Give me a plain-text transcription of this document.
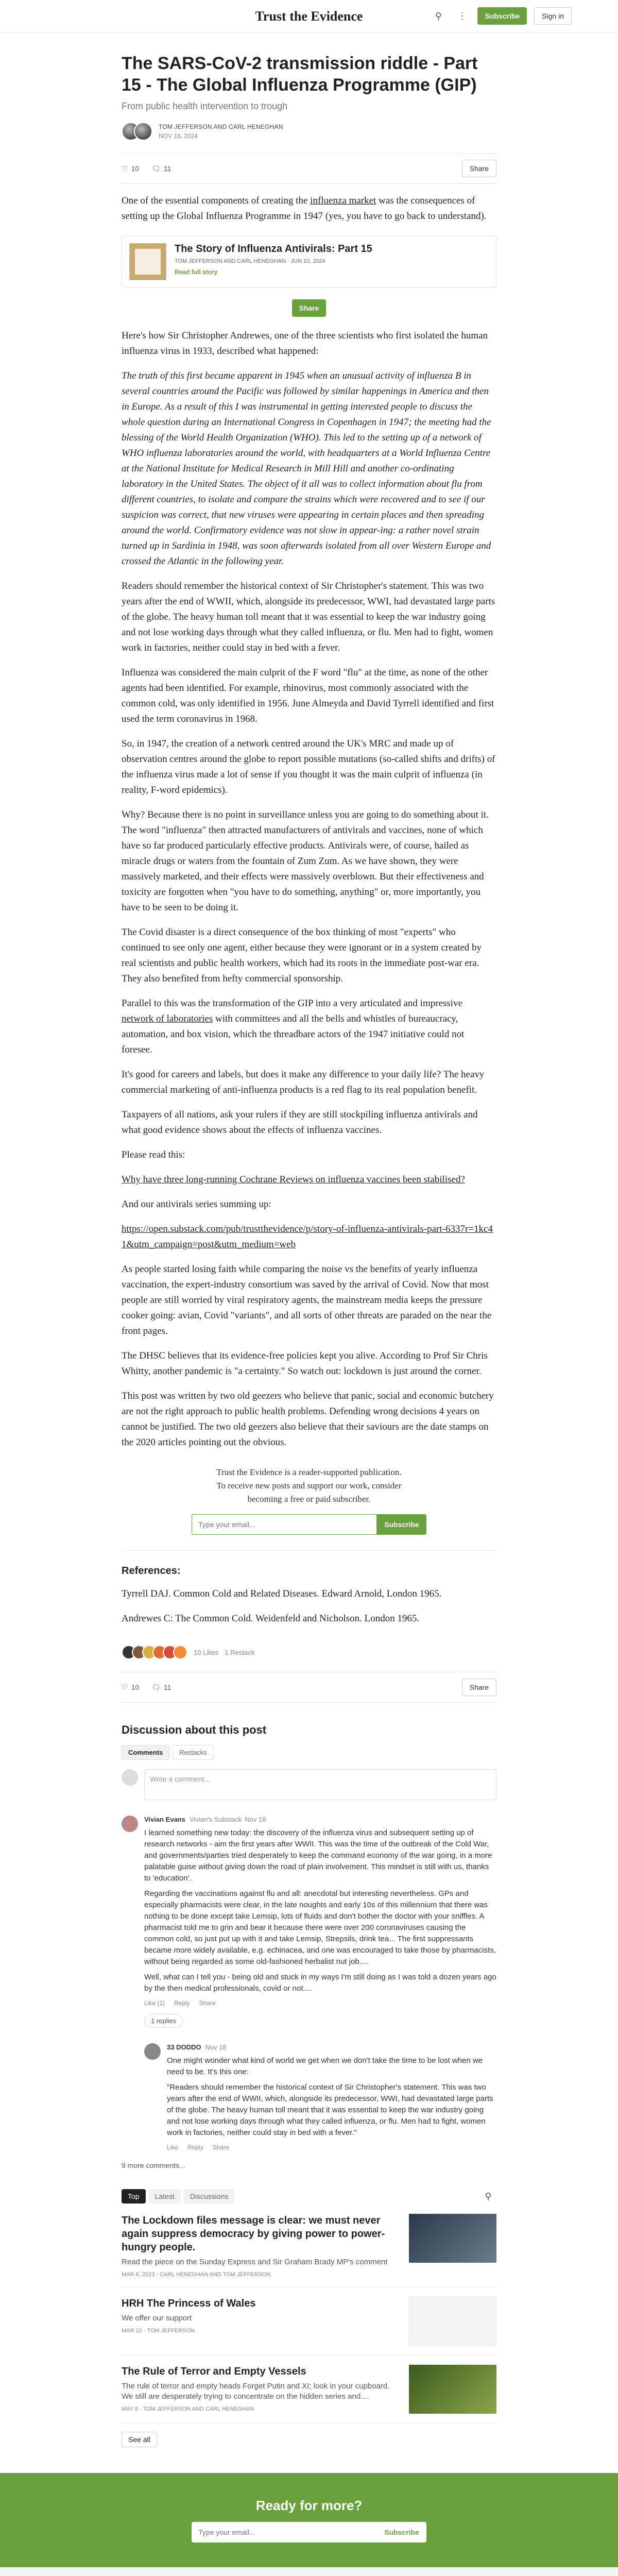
Trust the Evidence	⚲	⋮	Subscribe	Sign in
The SARS-CoV-2 transmission riddle - Part 15 - The Global Influenza Programme (GIP)
From public health intervention to trough
TOM JEFFERSON AND CARL HENEGHAN
NOV 18, 2024
♡ 10 🗨 11	Share

One of the essential components of creating the influenza market was the consequences of setting up the Global Influenza Programme in 1947 (yes, you have to go back to understand).

The Story of Influenza Antivirals: Part 15
TOM JEFFERSON AND CARL HENEGHAN · JUN 10, 2024
Read full story
Share

Here's how Sir Christopher Andrewes, one of the three scientists who first isolated the human influenza virus in 1933, described what happened:

The truth of this first became apparent in 1945 when an unusual activity of influenza B in several countries around the Pacific was followed by similar happenings in America and then in Europe. As a result of this I was instrumental in getting interested people to discuss the whole question during an International Congress in Copenhagen in 1947; the meeting had the blessing of the World Health Organization (WHO). This led to the setting up of a network of WHO influenza laboratories around the world, with headquarters at a World Influenza Centre at the National Institute for Medical Research in Mill Hill and another co-ordinating laboratory in the United States. The object of it all was to collect information about flu from different countries, to isolate and compare the strains which were recovered and to see if our suspicion was correct, that new viruses were appearing in certain places and then spreading around the world. Confirmatory evidence was not slow in appear-ing: a rather novel strain turned up in Sardinia in 1948, was soon afterwards isolated from all over Western Europe and crossed the Atlantic in the following year.

Readers should remember the historical context of Sir Christopher's statement. This was two years after the end of WWII, which, alongside its predecessor, WWI, had devastated large parts of the globe. The heavy human toll meant that it was essential to keep the war industry going and not lose working days through what they called influenza, or flu. Men had to fight, women work in factories, neither could stay in bed with a fever.

Influenza was considered the main culprit of the F word "flu" at the time, as none of the other agents had been identified. For example, rhinovirus, most commonly associated with the common cold, was only identified in 1956. June Almeyda and David Tyrrell identified and first used the term coronavirus in 1968.

So, in 1947, the creation of a network centred around the UK's MRC and made up of observation centres around the globe to report possible mutations (so-called shifts and drifts) of the influenza virus made a lot of sense if you thought it was the main culprit of influenza (in reality, F-word epidemics).

Why? Because there is no point in surveillance unless you are going to do something about it. The word "influenza" then attracted manufacturers of antivirals and vaccines, none of which have so far produced particularly effective products. Antivirals were, of course, hailed as miracle drugs or waters from the fountain of Zum Zum. As we have shown, they were massively marketed, and their effects were massively overblown. But their effectiveness and toxicity are forgotten when "you have to do something, anything" or, more importantly, you have to be seen to be doing it.

The Covid disaster is a direct consequence of the box thinking of most "experts" who continued to see only one agent, either because they were ignorant or in a system created by real scientists and public health workers, which had its roots in the immediate post-war era. They also benefited from hefty commercial sponsorship.

Parallel to this was the transformation of the GIP into a very articulated and impressive network of laboratories with committees and all the bells and whistles of bureaucracy, automation, and box vision, which the threadbare actors of the 1947 initiative could not foresee.

It's good for careers and labels, but does it make any difference to your daily life? The heavy commercial marketing of anti-influenza products is a red flag to its real population benefit.

Taxpayers of all nations, ask your rulers if they are still stockpiling influenza antivirals and what good evidence shows about the effects of influenza vaccines.

Please read this:

Why have three long-running Cochrane Reviews on influenza vaccines been stabilised?

And our antivirals series summing up:

https://open.substack.com/pub/trustthevidence/p/story-of-influenza-antivirals-part-6337r=1kc41&utm_campaign=post&utm_medium=web

As people started losing faith while comparing the noise vs the benefits of yearly influenza vaccination, the expert-industry consortium was saved by the arrival of Covid. Now that most people are still worried by viral respiratory agents, the mainstream media keeps the pressure cooker going: avian, Covid "variants", and all sorts of other threats are paraded on the near the front pages.

The DHSC believes that its evidence-free policies kept you alive. According to Prof Sir Chris Whitty, another pandemic is "a certainty." So watch out: lockdown is just around the corner.

This post was written by two old geezers who believe that panic, social and economic butchery are not the right approach to public health problems. Defending wrong decisions 4 years on cannot be justified. The two old geezers also believe that their saviours are the date stamps on the 2020 articles pointing out the obvious.

Trust the Evidence is a reader-supported publication. To receive new posts and support our work, consider becoming a free or paid subscriber.
Type your email...
Subscribe
References:

Tyrrell DAJ. Common Cold and Related Diseases. Edward Arnold, London 1965.

Andrewes C: The Common Cold. Weidenfeld and Nicholson. London 1965.

10 Likes 1 Restack
♡ 10 🗨 11	Share
Discussion about this post
Comments	Restacks
Write a comment...
Vivian Evans Vivian's Substack Nov 18

I learned something new today: the discovery of the influenza virus and subsequent setting up of research networks - aim the first years after WWII. This was the time of the outbreak of the Cold War, and governments/parties tried desperately to keep the command economy of the war going, in a more palatable guise without giving down the road of plain involvement. This mindset is still with us, thanks to 'education'.

Regarding the vaccinations against flu and all: anecdotal but interesting nevertheless. GPs and especially pharmacists were clear, in the late noughts and early 10s of this millennium that there was nothing to be done except take Lemsip, lots of fluids and don't bother the doctor with your sniffles. A pharmacist told me to grin and bear it because there were over 200 coronaviruses causing the common cold, so just put up with it and take Lemsip, Strepsils, drink tea... The first suppressants became more widely available, e.g. echinacea, and one was encouraged to take those by pharmacists, without being regarded as some old-fashioned herbalist nut job....

Well, what can I tell you - being old and stuck in my ways I'm still doing as I was told a dozen years ago by the then medical professionals, covid or not....

Like (1) Reply Share
1 replies
33 DODDO Nov 18

One might wonder what kind of world we get when we don't take the time to be lost when we need to be. It's this one:

"Readers should remember the historical context of Sir Christopher's statement. This was two years after the end of WWII, which, alongside its predecessor, WWI, had devastated large parts of the globe. The heavy human toll meant that it was essential to keep the war industry going and not lose working days through what they called influenza, or flu. Men had to fight, women work in factories, neither could stay in bed with a fever."

Like Reply Share
9 more comments...
Top	Latest	Discussions	⚲
The Lockdown files message is clear: we must never again suppress democracy by giving power to power-hungry people.
Read the piece on the Sunday Express and Sir Graham Brady MP's comment
MAR 6, 2023 · CARL HENEGHAN AND TOM JEFFERSON
HRH The Princess of Wales
We offer our support
MAR 22 · TOM JEFFERSON
The Rule of Terror and Empty Vessels
The rule of terror and empty heads Forget Putin and XI; look in your cupboard. We still are desperately trying to concentrate on the hidden series and....
MAY 8 · TOM JEFFERSON AND CARL HENEGHAN
See all
Ready for more?
Type your email...
Subscribe
